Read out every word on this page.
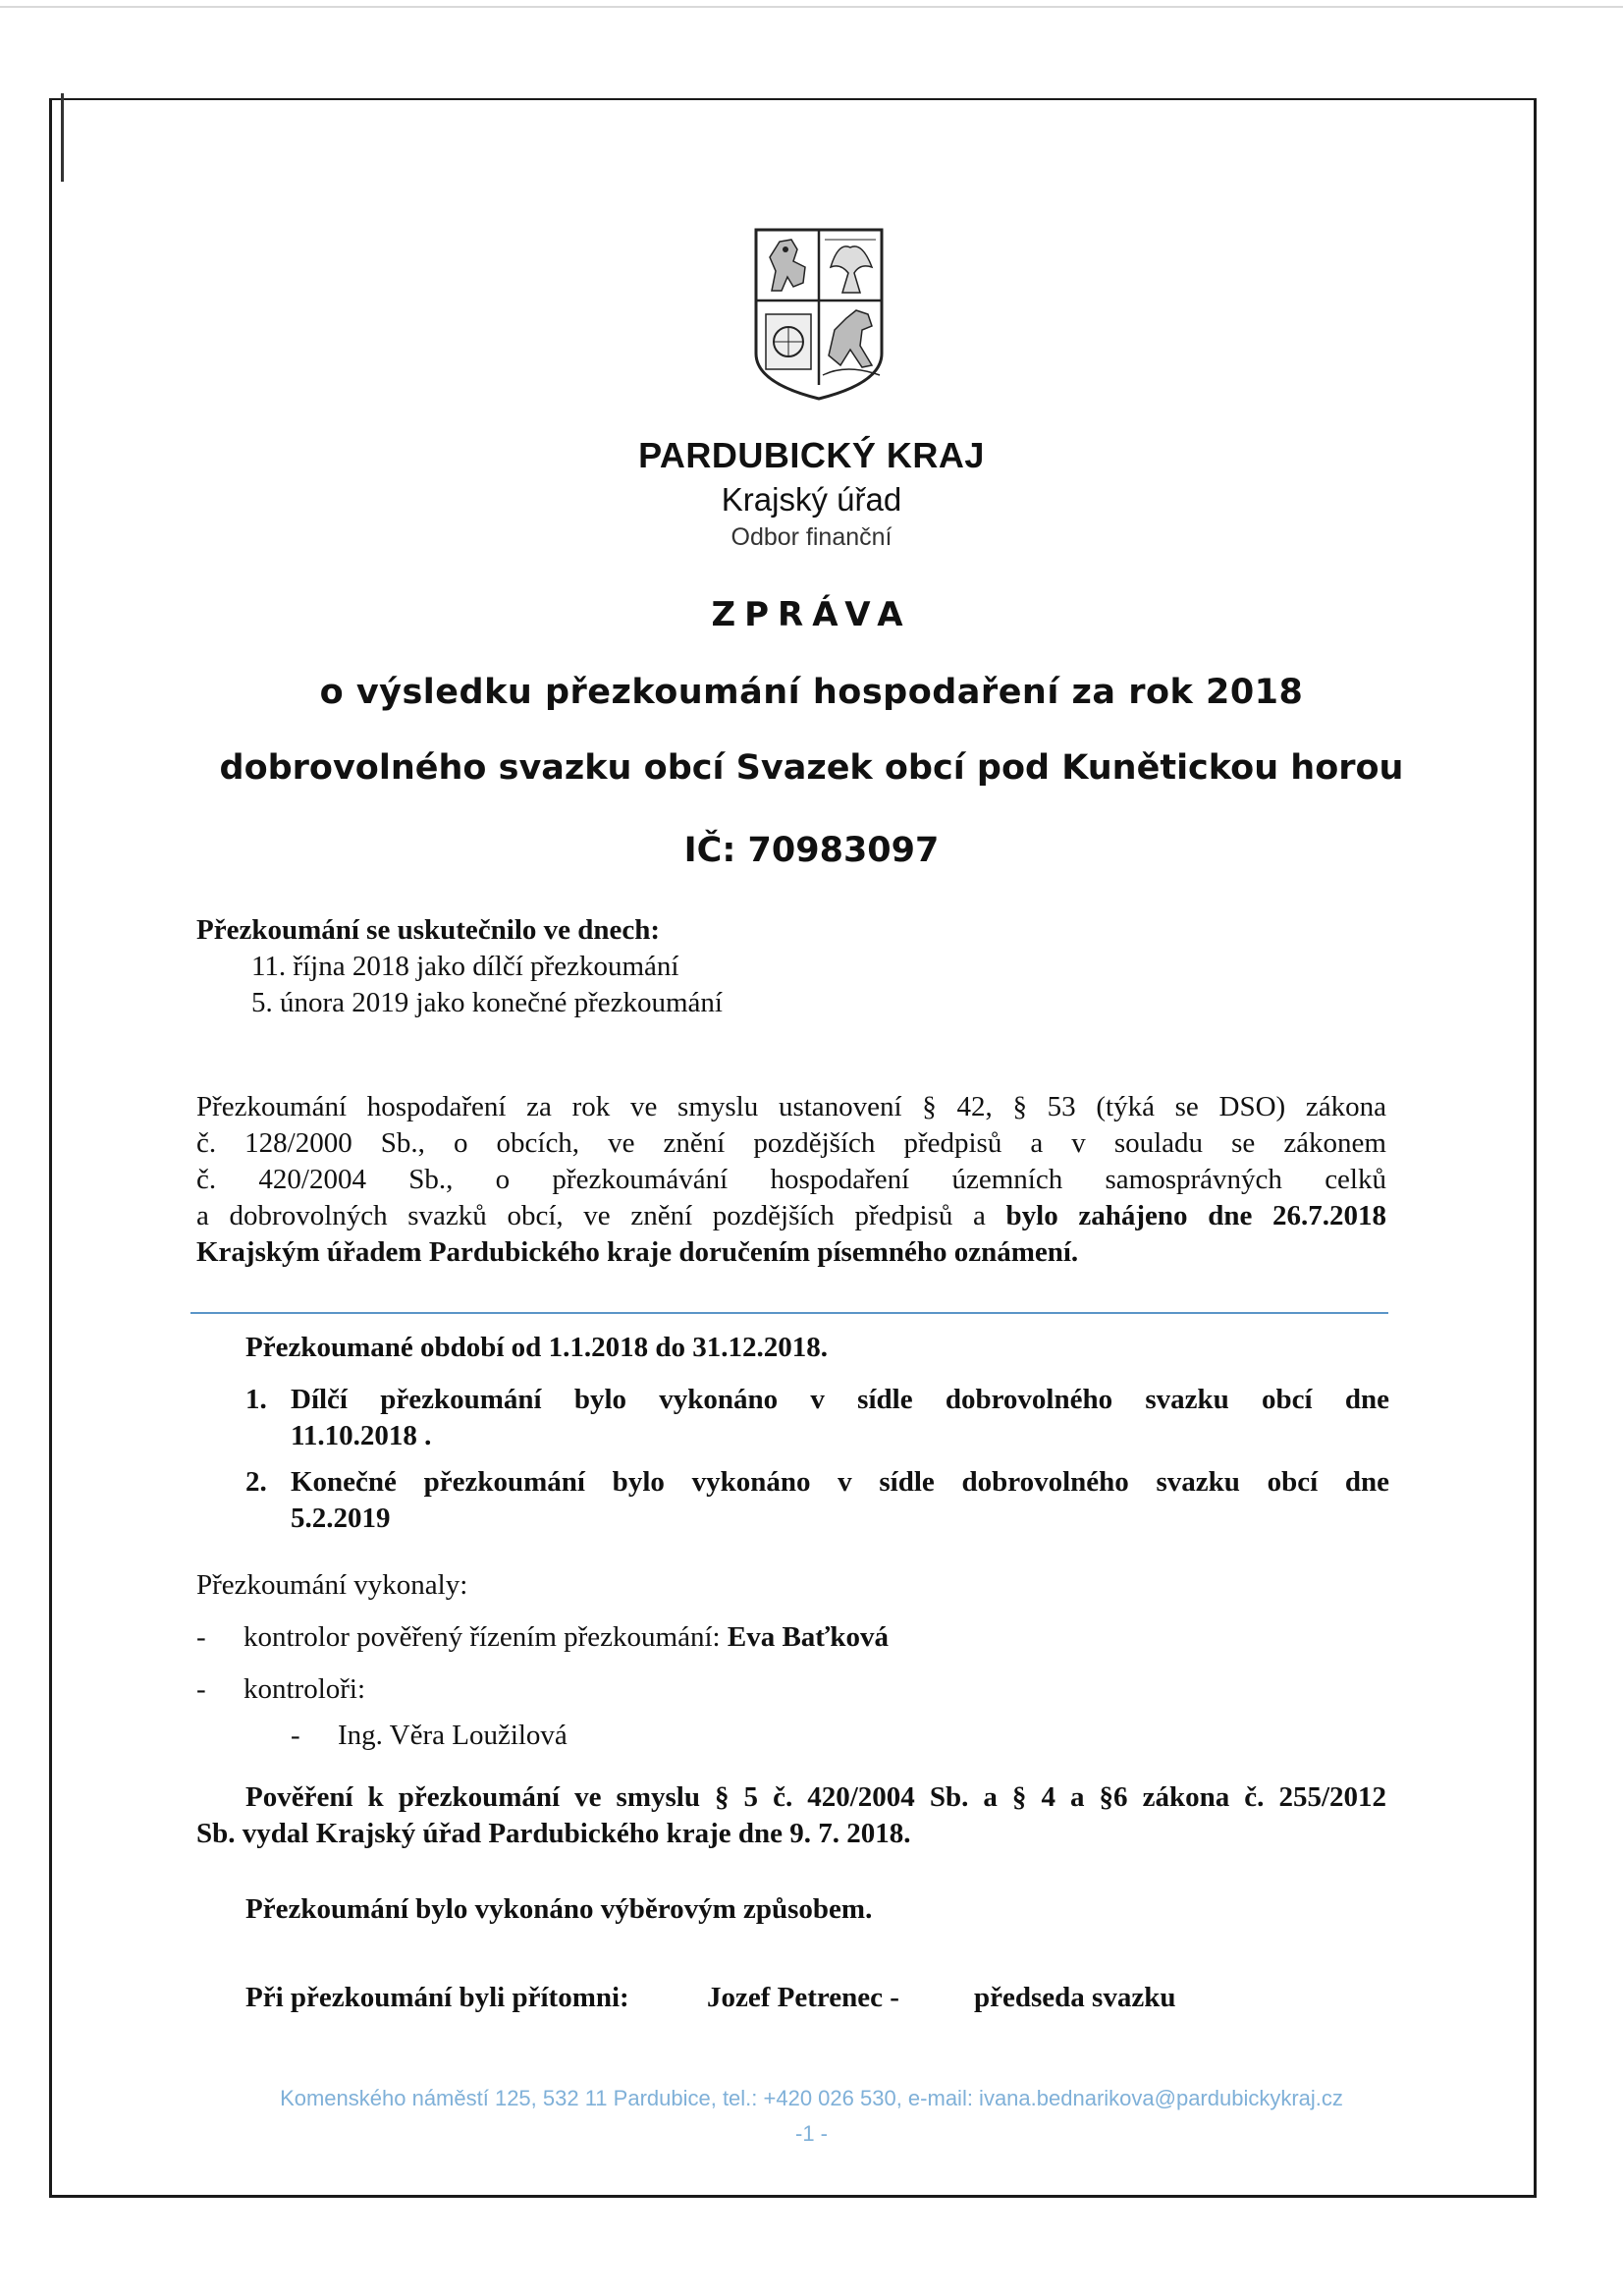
PARDUBICKÝ KRAJ
Krajský úřad
Odbor finanční
ZPRÁVA
o výsledku přezkoumání hospodaření za rok 2018
dobrovolného svazku obcí Svazek obcí pod Kunětickou horou
IČ: 70983097
Přezkoumání se uskutečnilo ve dnech:
11. října 2018 jako dílčí přezkoumání
5. února 2019 jako konečné přezkoumání

Přezkoumání hospodaření za rok ve smyslu ustanovení § 42, § 53 (týká se DSO) zákona

č. 128/2000 Sb., o obcích, ve znění pozdějších předpisů a v souladu se zákonem

č. 420/2004 Sb., o přezkoumávání hospodaření územních samosprávných celků

a dobrovolných svazků obcí, ve znění pozdějších předpisů a bylo zahájeno dne 26.7.2018

Krajským úřadem Pardubického kraje doručením písemného oznámení.

Přezkoumané období od 1.1.2018 do 31.12.2018.
1. Dílčí přezkoumání bylo vykonáno v sídle dobrovolného svazku obcí dne
11.10.2018 .
2. Konečné přezkoumání bylo vykonáno v sídle dobrovolného svazku obcí dne
5.2.2019
Přezkoumání vykonaly:
-	kontrolor pověřený řízením přezkoumání: Eva Baťková
-	kontroloři:
-	Ing. Věra Loužilová

Pověření k přezkoumání ve smyslu § 5 č. 420/2004 Sb. a § 4 a §6 zákona č. 255/2012

Sb. vydal Krajský úřad Pardubického kraje dne 9. 7. 2018.

Přezkoumání bylo vykonáno výběrovým způsobem.
Při přezkoumání byli přítomni:	Jozef Petrenec -	předseda svazku
Komenského náměstí 125, 532 11 Pardubice, tel.: +420 026 530, e-mail: ivana.bednarikova@pardubickykraj.cz
-1 -
